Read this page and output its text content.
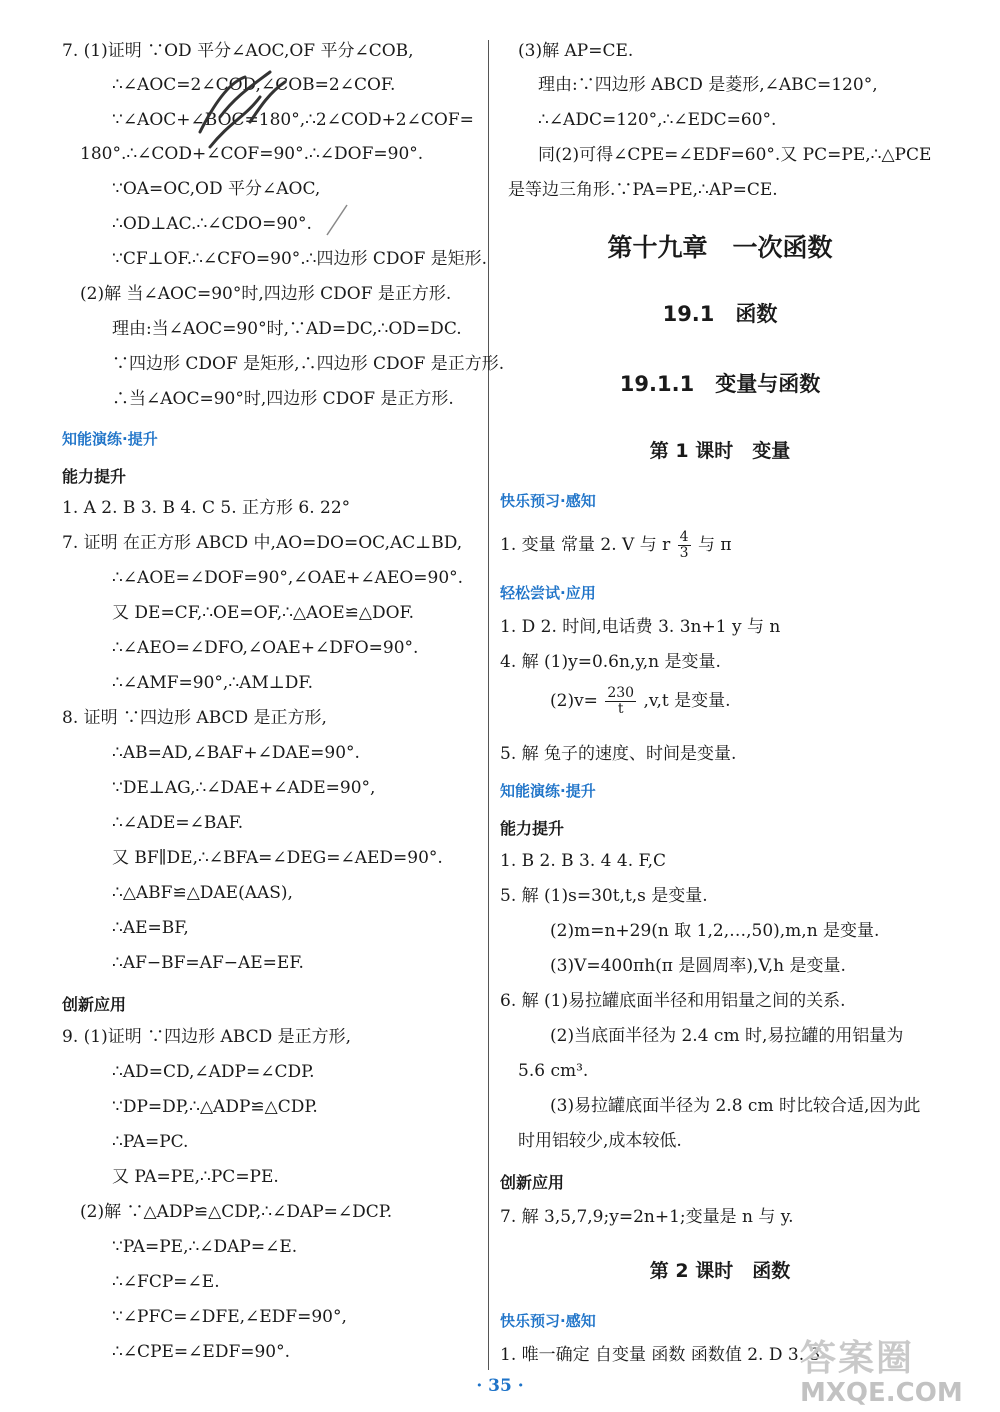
7. (1)证明 ∵OD 平分∠AOC,OF 平分∠COB,
∴∠AOC=2∠COD,∠COB=2∠COF.
∵∠AOC+∠BOC=180°,∴2∠COD+2∠COF=
180°.∴∠COD+∠COF=90°.∴∠DOF=90°.
∵OA=OC,OD 平分∠AOC,
∴OD⊥AC.∴∠CDO=90°.
∵CF⊥OF.∴∠CFO=90°.∴四边形 CDOF 是矩形.
(2)解 当∠AOC=90°时,四边形 CDOF 是正方形.
理由:当∠AOC=90°时,∵AD=DC,∴OD=DC.
∵四边形 CDOF 是矩形,∴四边形 CDOF 是正方形.
∴当∠AOC=90°时,四边形 CDOF 是正方形.
知能演练·提升
能力提升
1. A 2. B 3. B 4. C 5. 正方形 6. 22°
7. 证明 在正方形 ABCD 中,AO=DO=OC,AC⊥BD,
∴∠AOE=∠DOF=90°,∠OAE+∠AEO=90°.
又 DE=CF,∴OE=OF,∴△AOE≌△DOF.
∴∠AEO=∠DFO,∠OAE+∠DFO=90°.
∴∠AMF=90°,∴AM⊥DF.
8. 证明 ∵四边形 ABCD 是正方形,
∴AB=AD,∠BAF+∠DAE=90°.
∵DE⊥AG,∴∠DAE+∠ADE=90°,
∴∠ADE=∠BAF.
又 BF∥DE,∴∠BFA=∠DEG=∠AED=90°.
∴△ABF≌△DAE(AAS),
∴AE=BF,
∴AF−BF=AF−AE=EF.
创新应用
9. (1)证明 ∵四边形 ABCD 是正方形,
∴AD=CD,∠ADP=∠CDP.
∵DP=DP,∴△ADP≌△CDP.
∴PA=PC.
又 PA=PE,∴PC=PE.
(2)解 ∵△ADP≌△CDP,∴∠DAP=∠DCP.
∵PA=PE,∴∠DAP=∠E.
∴∠FCP=∠E.
∵∠PFC=∠DFE,∠EDF=90°,
∴∠CPE=∠EDF=90°.
(3)解 AP=CE.
理由:∵四边形 ABCD 是菱形,∠ABC=120°,
∴∠ADC=120°,∴∠EDC=60°.
同(2)可得∠CPE=∠EDF=60°.又 PC=PE,∴△PCE
是等边三角形.∵PA=PE,∴AP=CE.
第十九章　一次函数
19.1　函数
19.1.1　变量与函数
第 1 课时　变量
快乐预习·感知
1. 变量 常量 2. V 与 r $\frac{4}{3}$ 与 π
轻松尝试·应用
1. D 2. 时间,电话费 3. 3n+1 y 与 n
4. 解 (1)y=0.6n,y,n 是变量.
$(2)v= \frac{230}{t} ,v,t$ 是变量.
5. 解 兔子的速度、时间是变量.
知能演练·提升
能力提升
1. B 2. B 3. 4 4. F,C
5. 解 (1)s=30t,t,s 是变量.
(2)m=n+29(n 取 1,2,…,50),m,n 是变量.
(3)V=400πh(π 是圆周率),V,h 是变量.
6. 解 (1)易拉罐底面半径和用铝量之间的关系.
(2)当底面半径为 2.4 cm 时,易拉罐的用铝量为
5.6 cm³.
(3)易拉罐底面半径为 2.8 cm 时比较合适,因为此
时用铝较少,成本较低.
创新应用
7. 解 3,5,7,9;y=2n+1;变量是 n 与 y.
第 2 课时　函数
快乐预习·感知
1. 唯一确定 自变量 函数 函数值 2. D 3. 3
· 35 ·
答案圈
MXQE.COM
